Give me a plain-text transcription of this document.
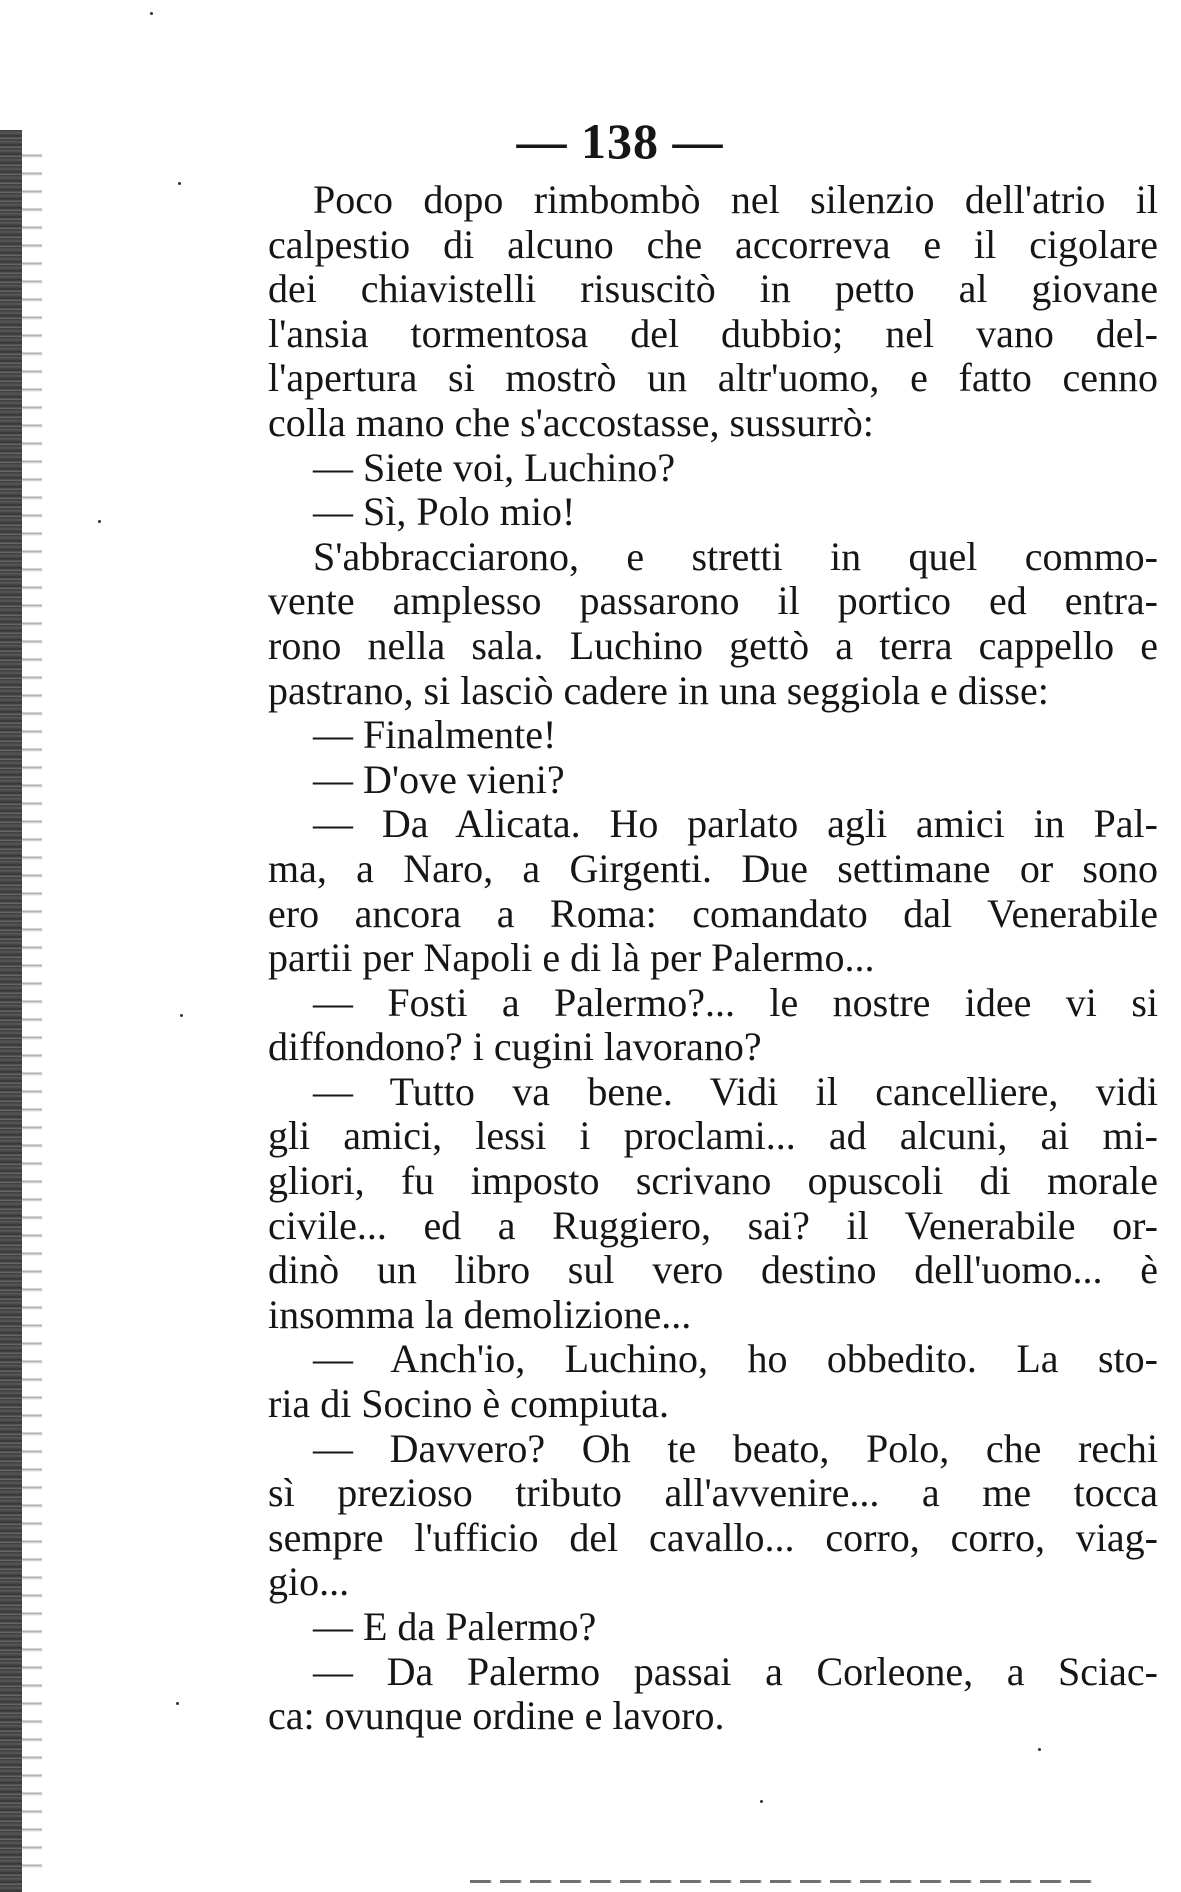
— 138 —
Poco dopo rimbombò nel silenzio dell'atrio il
calpestio di alcuno che accorreva e il cigolare
dei chiavistelli risuscitò in petto al giovane
l'ansia tormentosa del dubbio; nel vano del-
l'apertura si mostrò un altr'uomo, e fatto cenno
colla mano che s'accostasse, sussurrò:
— Siete voi, Luchino?
— Sì, Polo mio!
S'abbracciarono, e stretti in quel commo-
vente amplesso passarono il portico ed entra-
rono nella sala. Luchino gettò a terra cappello e
pastrano, si lasciò cadere in una seggiola e disse:
— Finalmente!
— D'ove vieni?
— Da Alicata. Ho parlato agli amici in Pal-
ma, a Naro, a Girgenti. Due settimane or sono
ero ancora a Roma: comandato dal Venerabile
partii per Napoli e di là per Palermo...
— Fosti a Palermo?... le nostre idee vi si
diffondono? i cugini lavorano?
— Tutto va bene. Vidi il cancelliere, vidi
gli amici, lessi i proclami... ad alcuni, ai mi-
gliori, fu imposto scrivano opuscoli di morale
civile... ed a Ruggiero, sai? il Venerabile or-
dinò un libro sul vero destino dell'uomo... è
insomma la demolizione...
— Anch'io, Luchino, ho obbedito. La sto-
ria di Socino è compiuta.
— Davvero? Oh te beato, Polo, che rechi
sì prezioso tributo all'avvenire... a me tocca
sempre l'ufficio del cavallo... corro, corro, viag-
gio...
— E da Palermo?
— Da Palermo passai a Corleone, a Sciac-
ca: ovunque ordine e lavoro.
